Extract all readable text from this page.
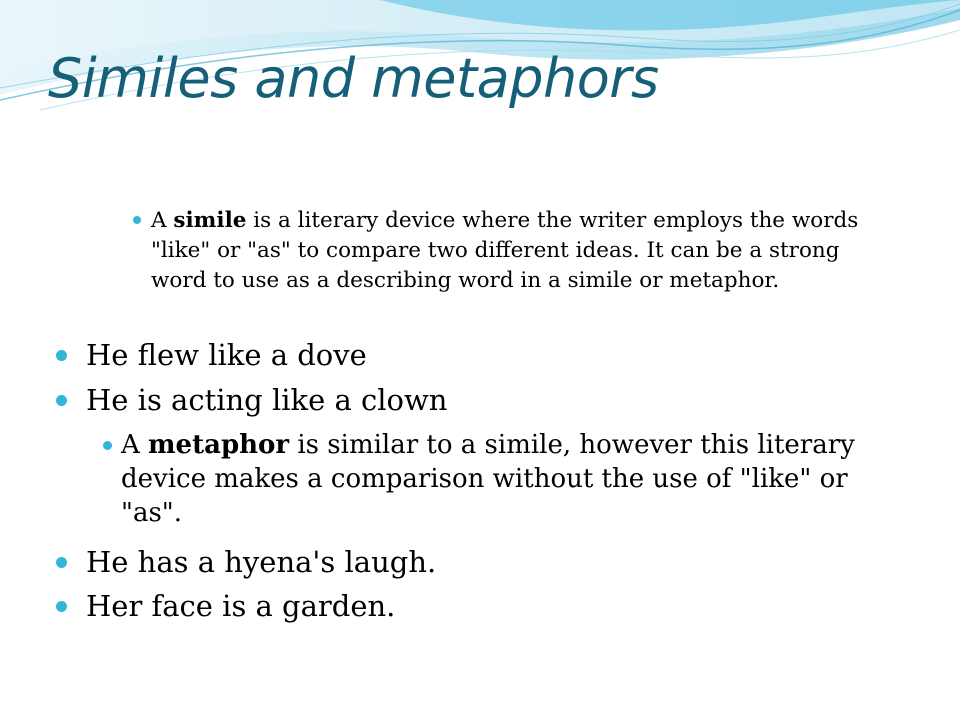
Similes and metaphors
A simile is a literary device where the writer employs the words "like" or "as" to compare two different ideas. It can be a strong word to use as a describing word in a simile or metaphor.
He flew like a dove
He is acting like a clown
A metaphor is similar to a simile, however this literary device makes a comparison without the use of "like" or "as".
He has a hyena's laugh.
Her face is a garden.
